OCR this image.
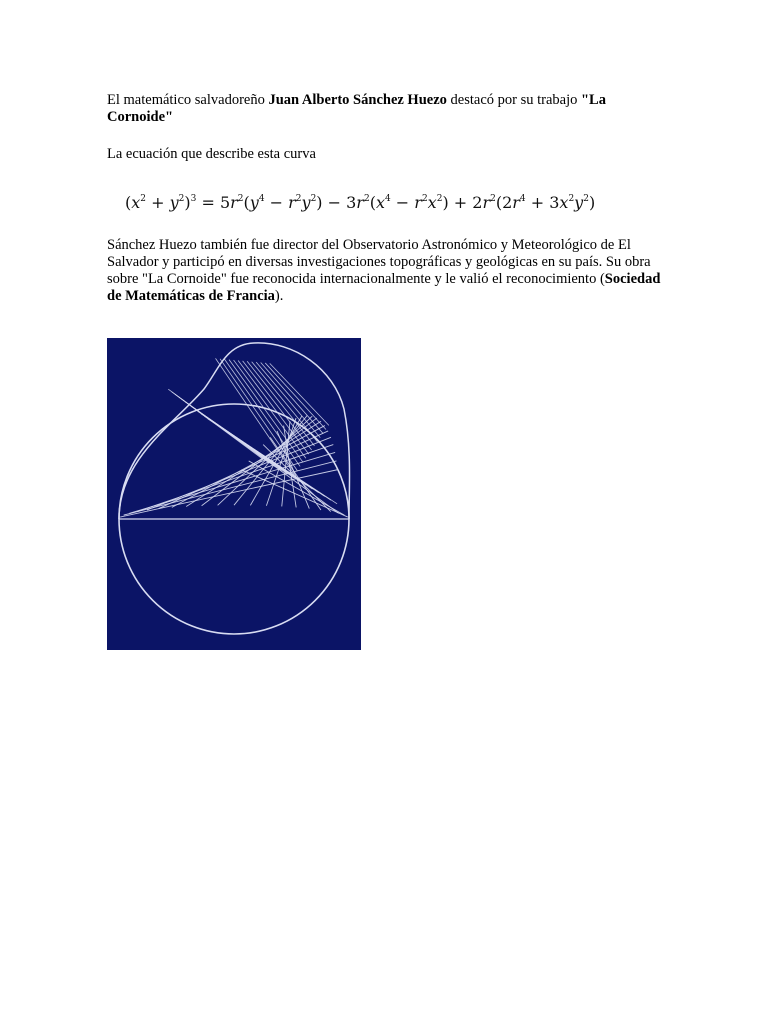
El matemático salvadoreño Juan Alberto Sánchez Huezo destacó por su trabajo "La Cornoide"

La ecuación que describe esta curva

$(x^2 + y^2)^3 = 5r^2(y^4 - r^2y^2) - 3r^2(x^4 - r^2x^2) + 2r^2(2r^4 + 3x^2y^2)$

Sánchez Huezo también fue director del Observatorio Astronómico y Meteorológico de El Salvador y participó en diversas investigaciones topográficas y geológicas en su país. Su obra sobre "La Cornoide" fue reconocida internacionalmente y le valió el reconocimiento (Sociedad de Matemáticas de Francia).
